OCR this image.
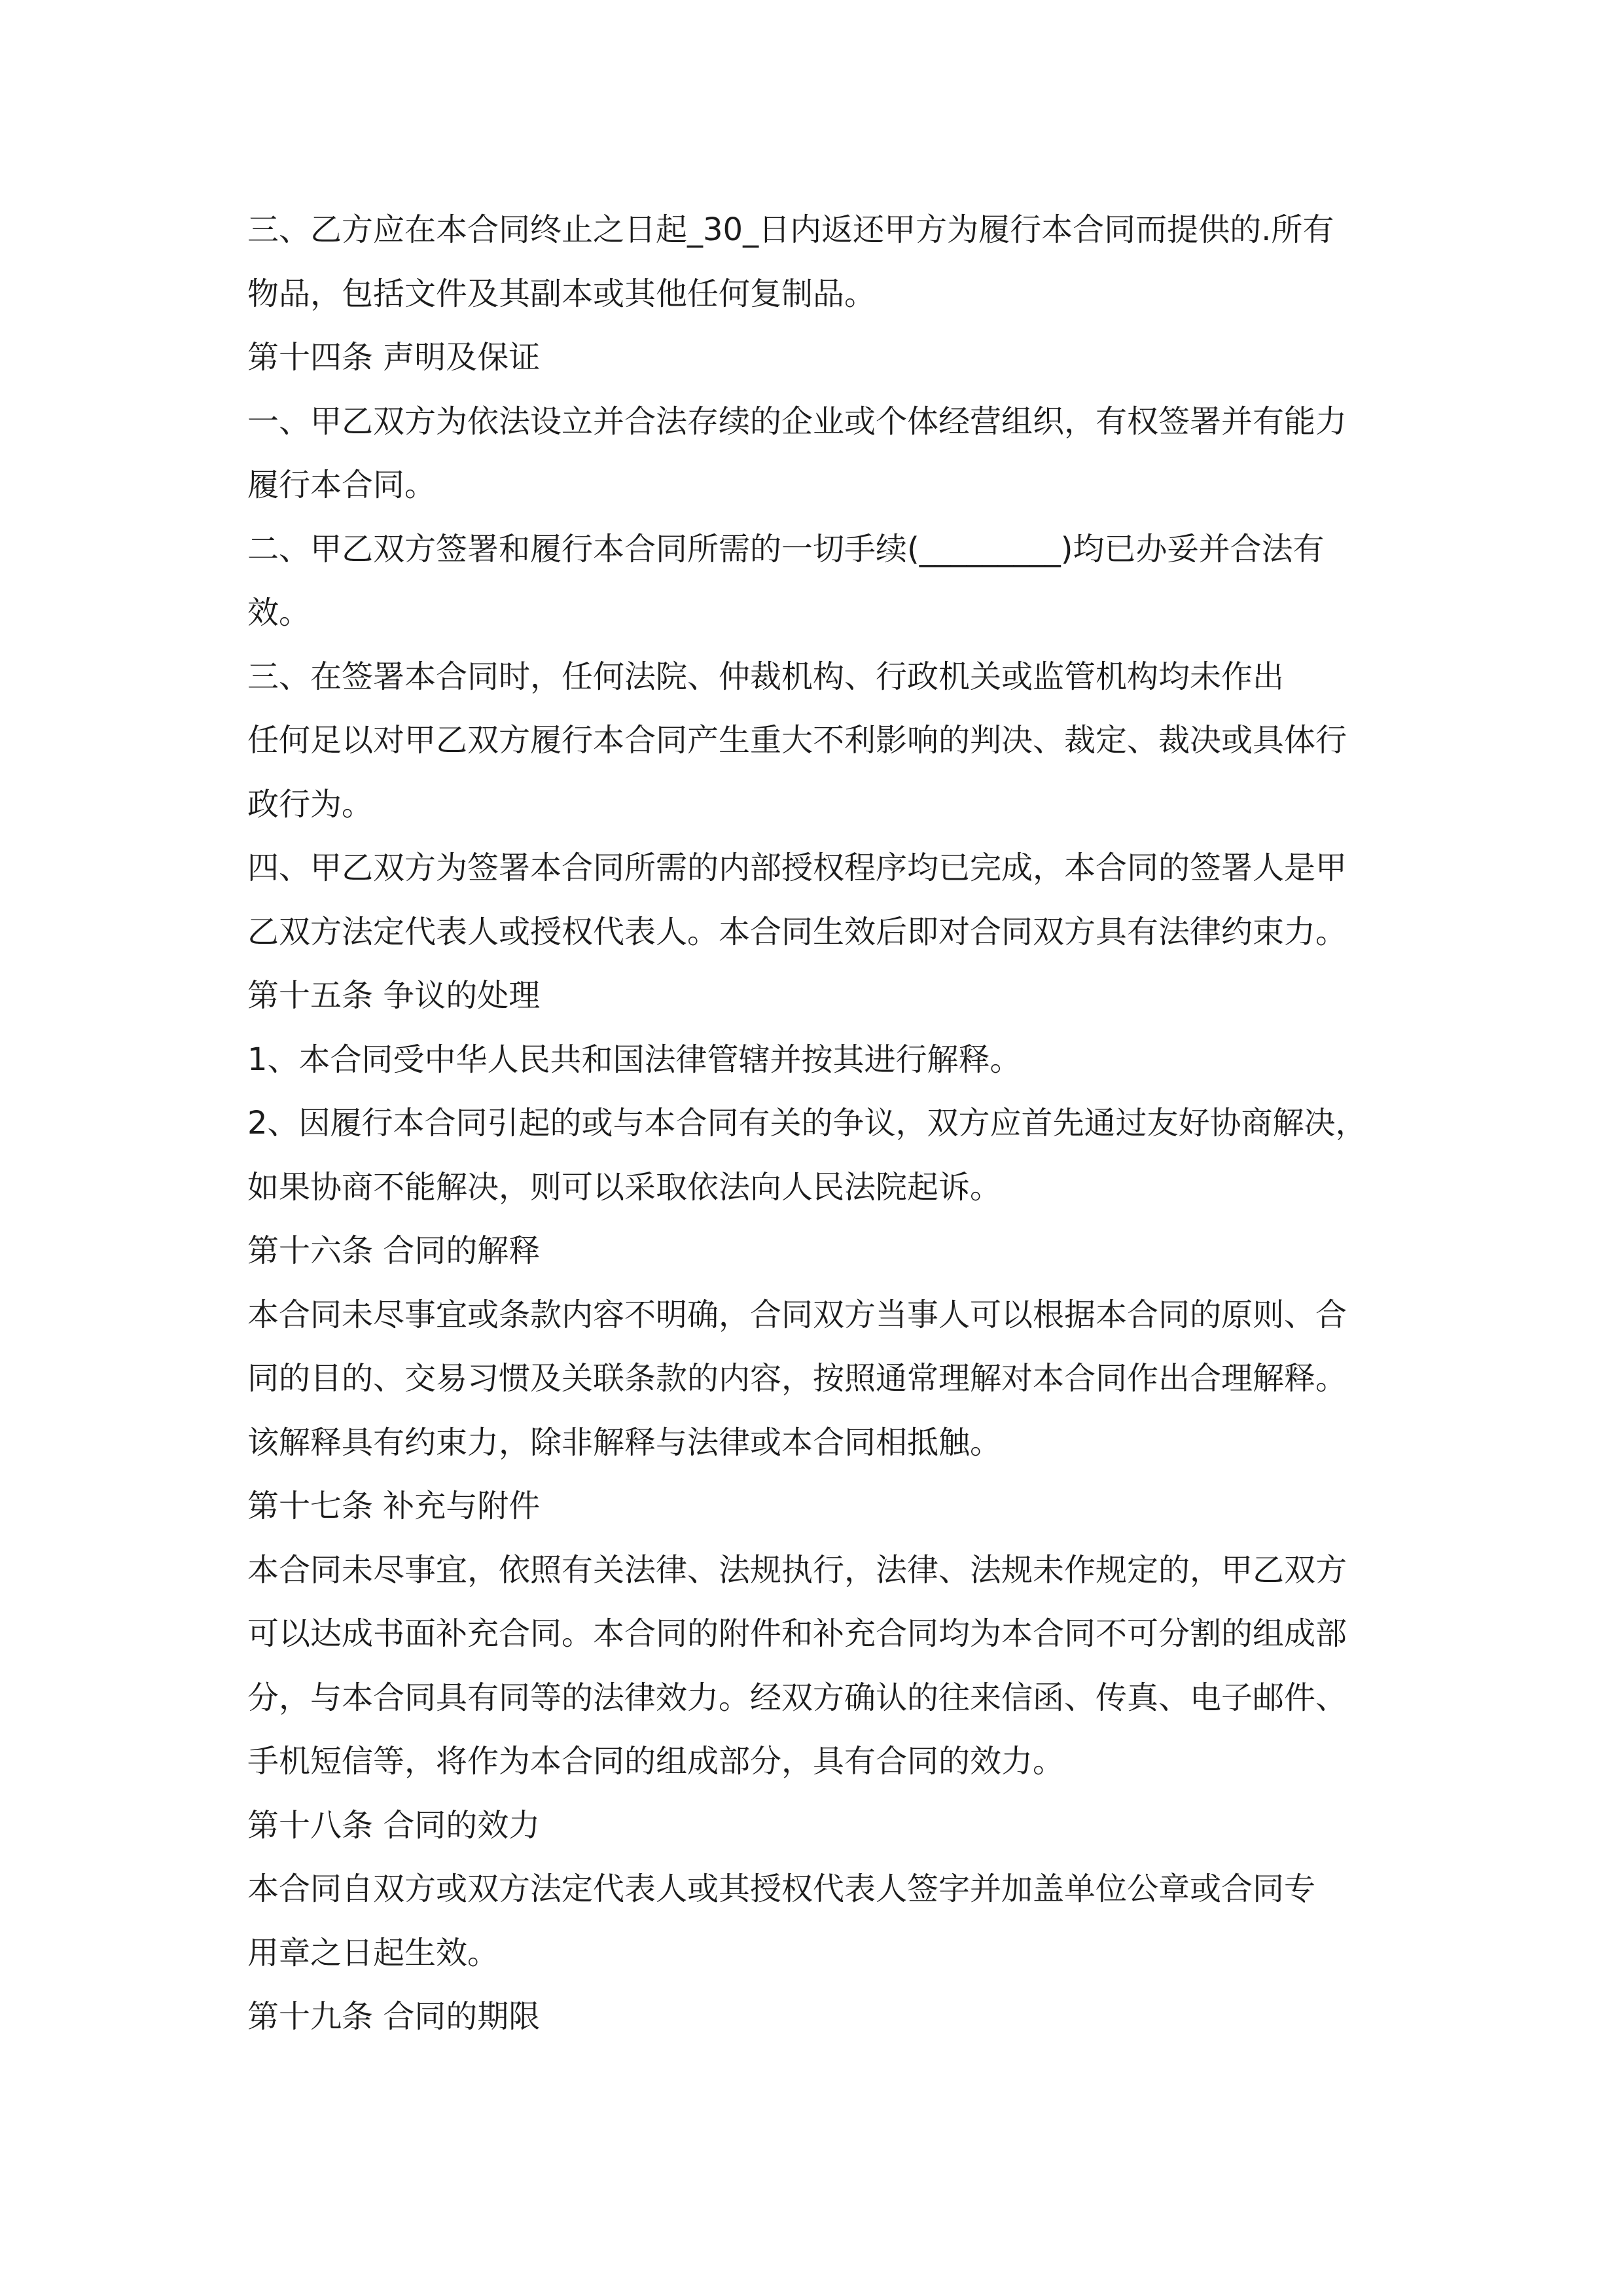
三、乙方应在本合同终止之日起_30_日内返还甲方为履行本合同而提供的.所有
物品，包括文件及其副本或其他任何复制品。
第十四条 声明及保证
一、甲乙双方为依法设立并合法存续的企业或个体经营组织，有权签署并有能力
履行本合同。
二、甲乙双方签署和履行本合同所需的一切手续(_________)均已办妥并合法有
效。
三、在签署本合同时，任何法院、仲裁机构、行政机关或监管机构均未作出
任何足以对甲乙双方履行本合同产生重大不利影响的判决、裁定、裁决或具体行
政行为。
四、甲乙双方为签署本合同所需的内部授权程序均已完成，本合同的签署人是甲
乙双方法定代表人或授权代表人。本合同生效后即对合同双方具有法律约束力。
第十五条 争议的处理
1、本合同受中华人民共和国法律管辖并按其进行解释。
2、因履行本合同引起的或与本合同有关的争议，双方应首先通过友好协商解决，
如果协商不能解决，则可以采取依法向人民法院起诉。
第十六条 合同的解释
本合同未尽事宜或条款内容不明确，合同双方当事人可以根据本合同的原则、合
同的目的、交易习惯及关联条款的内容，按照通常理解对本合同作出合理解释。
该解释具有约束力，除非解释与法律或本合同相抵触。
第十七条 补充与附件
本合同未尽事宜，依照有关法律、法规执行，法律、法规未作规定的，甲乙双方
可以达成书面补充合同。本合同的附件和补充合同均为本合同不可分割的组成部
分，与本合同具有同等的法律效力。经双方确认的往来信函、传真、电子邮件、
手机短信等，将作为本合同的组成部分，具有合同的效力。
第十八条 合同的效力
本合同自双方或双方法定代表人或其授权代表人签字并加盖单位公章或合同专
用章之日起生效。
第十九条 合同的期限
